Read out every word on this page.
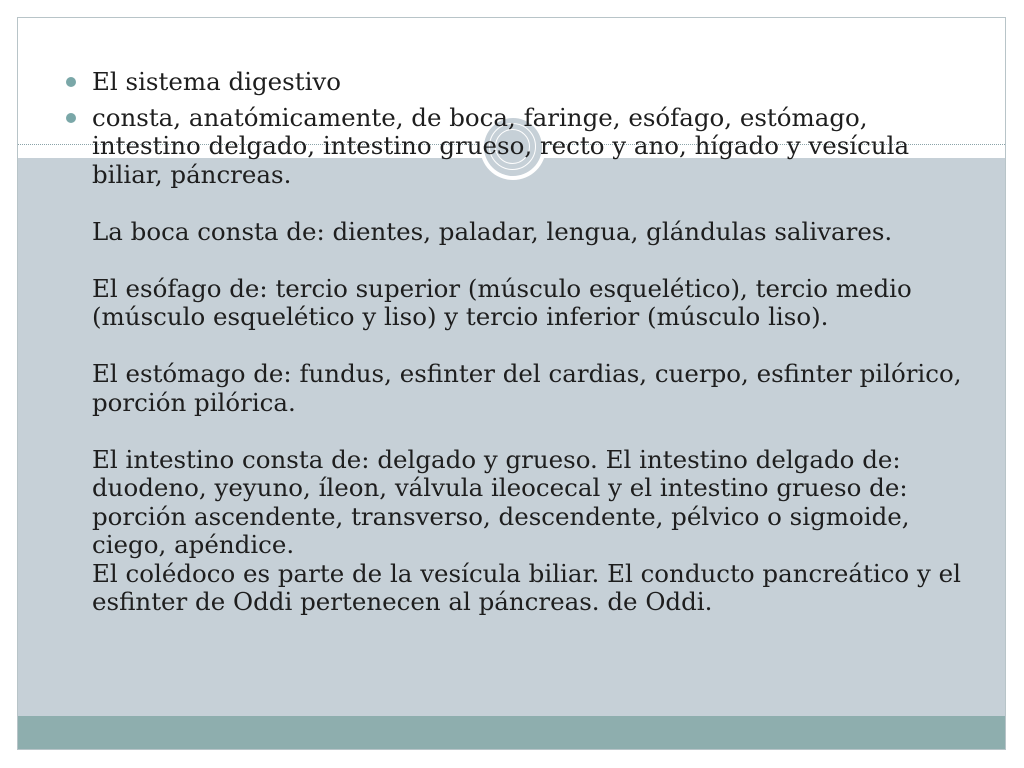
El sistema digestivo

consta, anatómicamente, de boca, faringe, esófago, estómago, intestino delgado, intestino grueso, recto y ano, hígado y vesícula biliar, páncreas.

La boca consta de: dientes, paladar, lengua, glándulas salivares.

El esófago de: tercio superior (músculo esquelético), tercio medio (músculo esquelético y liso) y tercio inferior (músculo liso).

El estómago de: fundus, esfinter del cardias, cuerpo, esfinter pilórico, porción pilórica.

El intestino consta de: delgado y grueso. El intestino delgado de: duodeno, yeyuno, íleon, válvula ileocecal y el intestino grueso de: porción ascendente, transverso, descendente, pélvico o sigmoide, ciego, apéndice.

El colédoco es parte de la vesícula biliar. El conducto pancreático y el esfinter de Oddi pertenecen al páncreas. de Oddi.
